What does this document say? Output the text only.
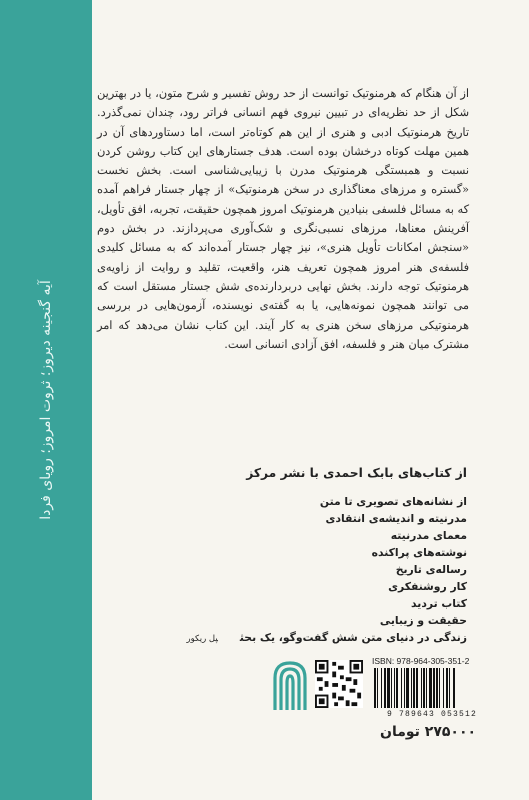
آیه گنجینه دیروز؛ ثروت امروز؛ رویای فردا

از آن هنگام که هرمنوتیک توانست از حد روش تفسیر و شرح متون، یا در بهترین شکل از حد نظریه‌ای در تبیین نیروی فهم انسانی فراتر رود، چندان نمی‌گذرد. تاریخ هرمنوتیک ادبی و هنری از این هم کوتاه‌تر است، اما دستاوردهای آن در همین مهلت کوتاه درخشان بوده است. هدف جستارهای این کتاب روشن کردن نسبت و همبستگی هرمنوتیک مدرن با زیبایی‌شناسی است. بخش نخست «گستره و مرزهای معناگذاری در سخن هرمنوتیک» از چهار جستار فراهم آمده که به مسائل فلسفی بنیادین هرمنوتیک امروز همچون حقیقت، تجربه، افق تأویل، آفرینش معناها، مرزهای نسبی‌نگری و شک‌آوری می‌پردازند. در بخش دوم «سنجش امکانات تأویل هنری»، نیز چهار جستار آمده‌اند که به مسائل کلیدی فلسفه‌ی هنر امروز همچون تعریف هنر، واقعیت، تقلید و روایت از زاویه‌ی هرمنوتیک توجه دارند. بخش نهایی دربردارنده‌ی شش جستار مستقل است که می توانند همچون نمونه‌هایی، یا به گفته‌ی نویسنده، آزمون‌هایی در بررسی هرمنوتیکی مرزهای سخن هنری به کار آیند. این کتاب نشان می‌دهد که امر مشترک میان هنر و فلسفه، افق آزادی انسانی است.

از کتاب‌های بابک احمدی با نشر مرکز
از نشانه‌های تصویری تا متن
مدرنیته و اندیشه‌ی انتقادی
معمای مدرنیته
نوشته‌های پراکنده
رساله‌ی تاریخ
کار روشنفکری
کتاب تردید
حقیقت و زیبایی
زندگی در دنیای متن شش گفت‌وگو، یک بحثپل ریکور
ISBN: 978-964-305-351-2
9 789643 053512
۲۷۵۰۰۰ تومان
